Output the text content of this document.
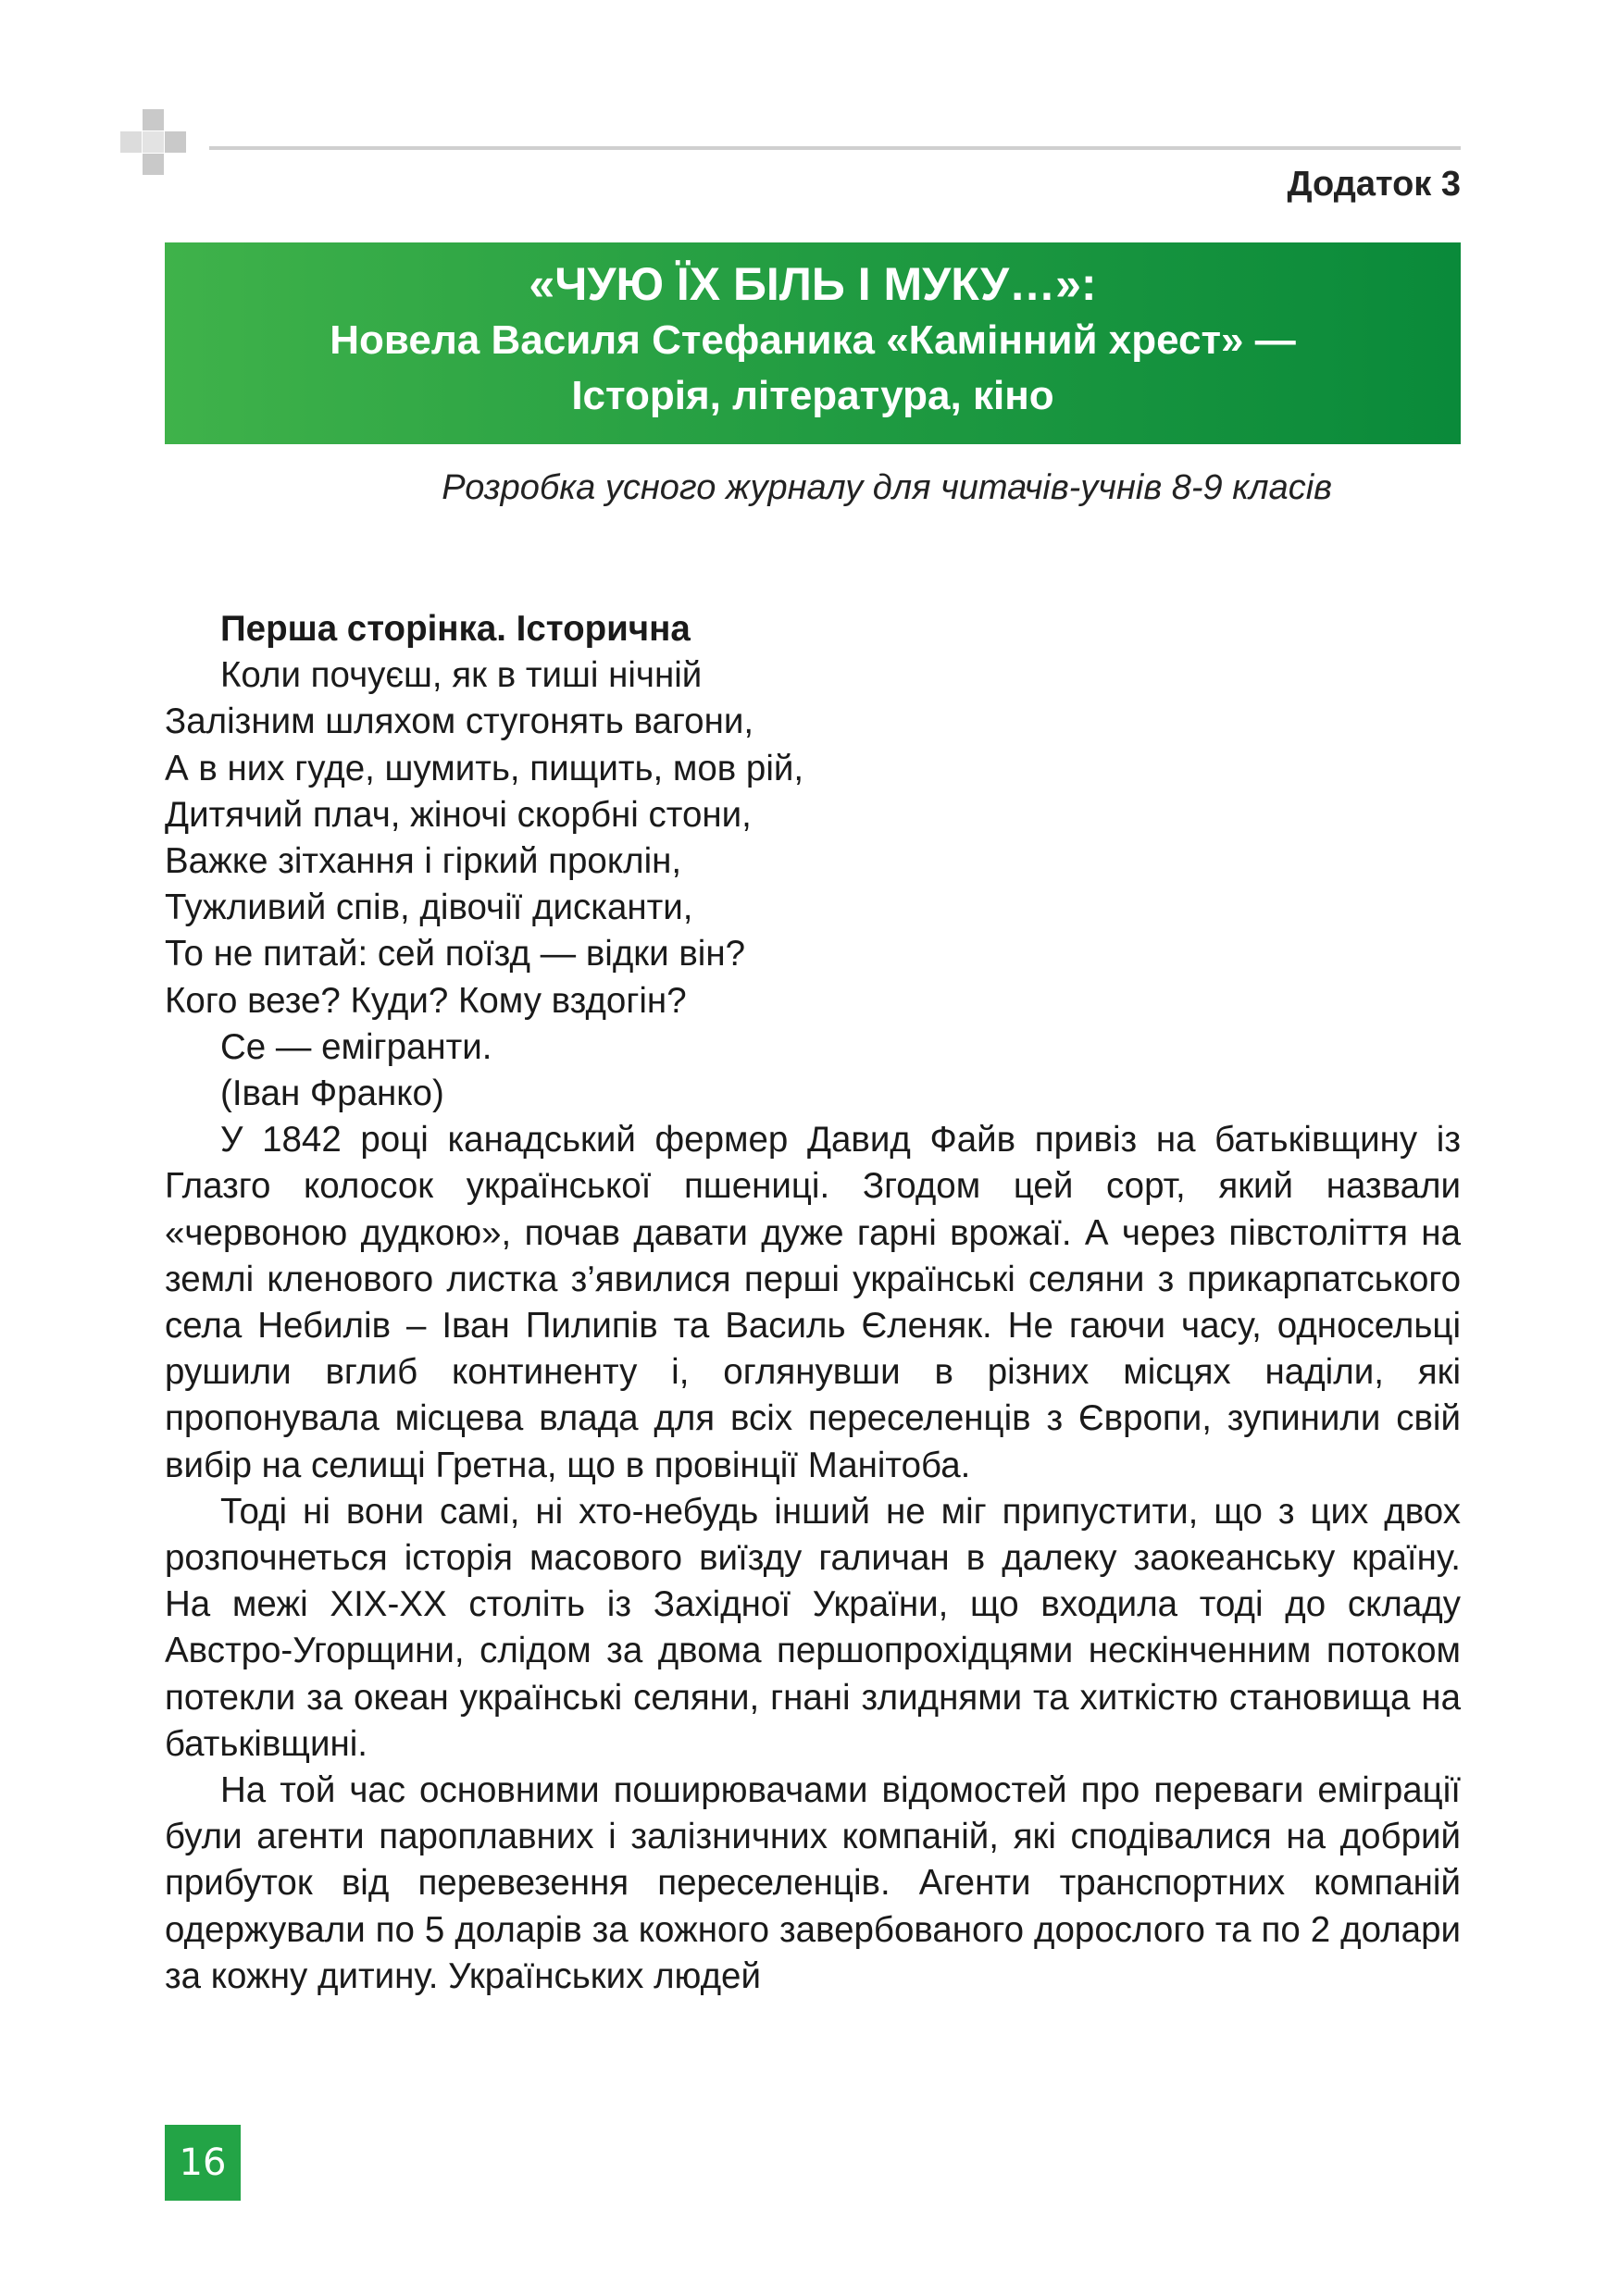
Додаток 3
«ЧУЮ ЇХ БІЛЬ І МУКУ…»:
Новела Василя Стефаника «Камінний хрест» —
Історія, література, кіно
Розробка усного журналу для читачів-учнів 8-9 класів

Перша сторінка. Історична

Коли почуєш, як в тиші нічній
Залізним шляхом стугонять вагони,
А в них гуде, шумить, пищить, мов рій,
Дитячий плач, жіночі скорбні стони,
Важке зітхання і гіркий проклін,
Тужливий спів, дівочії дисканти,
То не питай: сей поїзд — відки він?
Кого везе? Куди? Кому вздогін?
Се — емігранти.
(Іван Франко)

У 1842 році канадський фермер Давид Файв привіз на батьківщину із Глазго колосок української пшениці. Згодом цей сорт, який назвали «червоною дудкою», почав давати дуже гарні врожаї. А через півстоліття на землі кленового листка з’явилися перші українські селяни з прикарпатського села Небилів – Іван Пилипів та Василь Єленяк. Не гаючи часу, односельці рушили вглиб континенту і, оглянувши в різних місцях наділи, які пропонувала місцева влада для всіх переселенців з Європи, зупинили свій вибір на селищі Гретна, що в провінції Манітоба.

Тоді ні вони самі, ні хто-небудь інший не міг припустити, що з цих двох розпочнеться історія масового виїзду галичан в далеку заокеанську країну. На межі ХІХ-ХХ століть із Західної України, що входила тоді до складу Австро-Угорщини, слідом за двома першопрохідцями нескінченним потоком потекли за океан українські селяни, гнані злиднями та хиткістю становища на батьківщині.

На той час основними поширювачами відомостей про переваги еміграції були агенти пароплавних і залізничних компаній, які сподівалися на добрий прибуток від перевезення переселенців. Агенти транспортних компаній одержували по 5 доларів за кожного завербованого дорослого та по 2 долари за кожну дитину. Українських людей

16
